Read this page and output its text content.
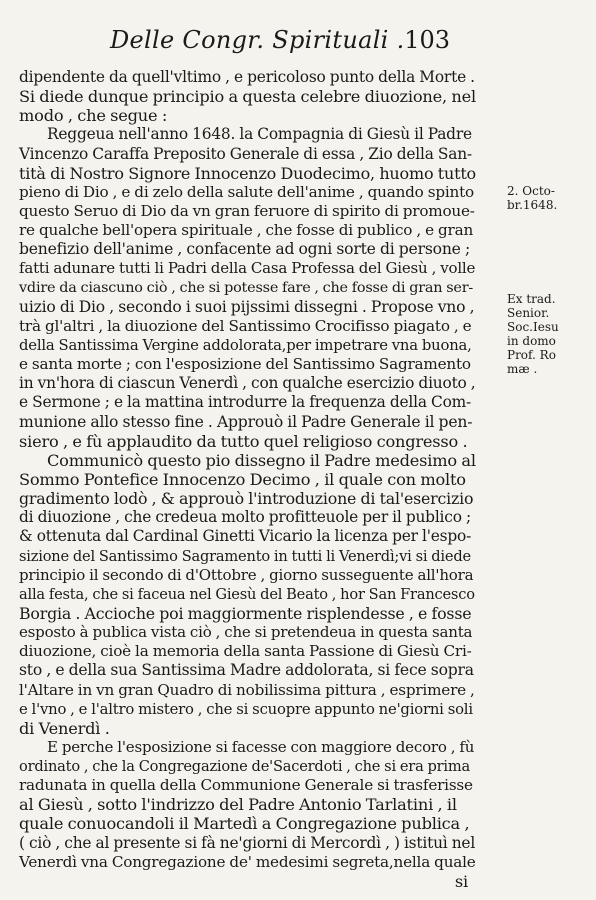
Delle Congr. Spirituali . 103
dipendente da quell'vltimo , e pericoloso punto della Morte .
Si diede dunque principio a questa celebre diuozione, nel
modo , che segue :
Reggeua nell'anno 1648. la Compagnia di Giesù il Padre
Vincenzo Caraffa Preposito Generale di essa , Zio della San-
tità di Nostro Signore Innocenzo Duodecimo, huomo tutto
pieno di Dio , e di zelo della salute dell'anime , quando spinto
questo Seruo di Dio da vn gran feruore di spirito di promoue-
re qualche bell'opera spirituale , che fosse di publico , e gran
benefizio dell'anime , confacente ad ogni sorte di persone ;
fatti adunare tutti li Padri della Casa Professa del Giesù , volle
vdire da ciascuno ciò , che si potesse fare , che fosse di gran ser-
uizio di Dio , secondo i suoi pijssimi dissegni . Propose vno ,
trà gl'altri , la diuozione del Santissimo Crocifisso piagato , e
della Santissima Vergine addolorata,per impetrare vna buona,
e santa morte ; con l'esposizione del Santissimo Sagramento
in vn'hora di ciascun Venerdì , con qualche esercizio diuoto ,
e Sermone ; e la mattina introdurre la frequenza della Com-
munione allo stesso fine . Approuò il Padre Generale il pen-
siero , e fù applaudito da tutto quel religioso congresso .
Communicò questo pio dissegno il Padre medesimo al
Sommo Pontefice Innocenzo Decimo , il quale con molto
gradimento lodò , & approuò l'introduzione di tal'esercizio
di diuozione , che credeua molto profitteuole per il publico ;
& ottenuta dal Cardinal Ginetti Vicario la licenza per l'espo-
sizione del Santissimo Sagramento in tutti li Venerdì;vi si diede
principio il secondo di d'Ottobre , giorno susseguente all'hora
alla festa, che si faceua nel Giesù del Beato , hor San Francesco
Borgia . Accioche poi maggiormente risplendesse , e fosse
esposto à publica vista ciò , che si pretendeua in questa santa
diuozione, cioè la memoria della santa Passione di Giesù Cri-
sto , e della sua Santissima Madre addolorata, si fece sopra
l'Altare in vn gran Quadro di nobilissima pittura , esprimere ,
e l'vno , e l'altro mistero , che si scuopre appunto ne'giorni soli
di Venerdì .
E perche l'esposizione si facesse con maggiore decoro , fù
ordinato , che la Congregazione de'Sacerdoti , che si era prima
radunata in quella della Communione Generale si trasferisse
al Giesù , sotto l'indrizzo del Padre Antonio Tarlatini , il
quale conuocandoli il Martedì a Congregazione publica ,
( ciò , che al presente si fà ne'giorni di Mercordì , ) istituì nel
Venerdì vna Congregazione de' medesimi segreta,nella quale
si
2. Octo-
br.1648.
Ex trad.
Senior.
Soc.Iesu
in domo
Prof. Ro
mæ .
